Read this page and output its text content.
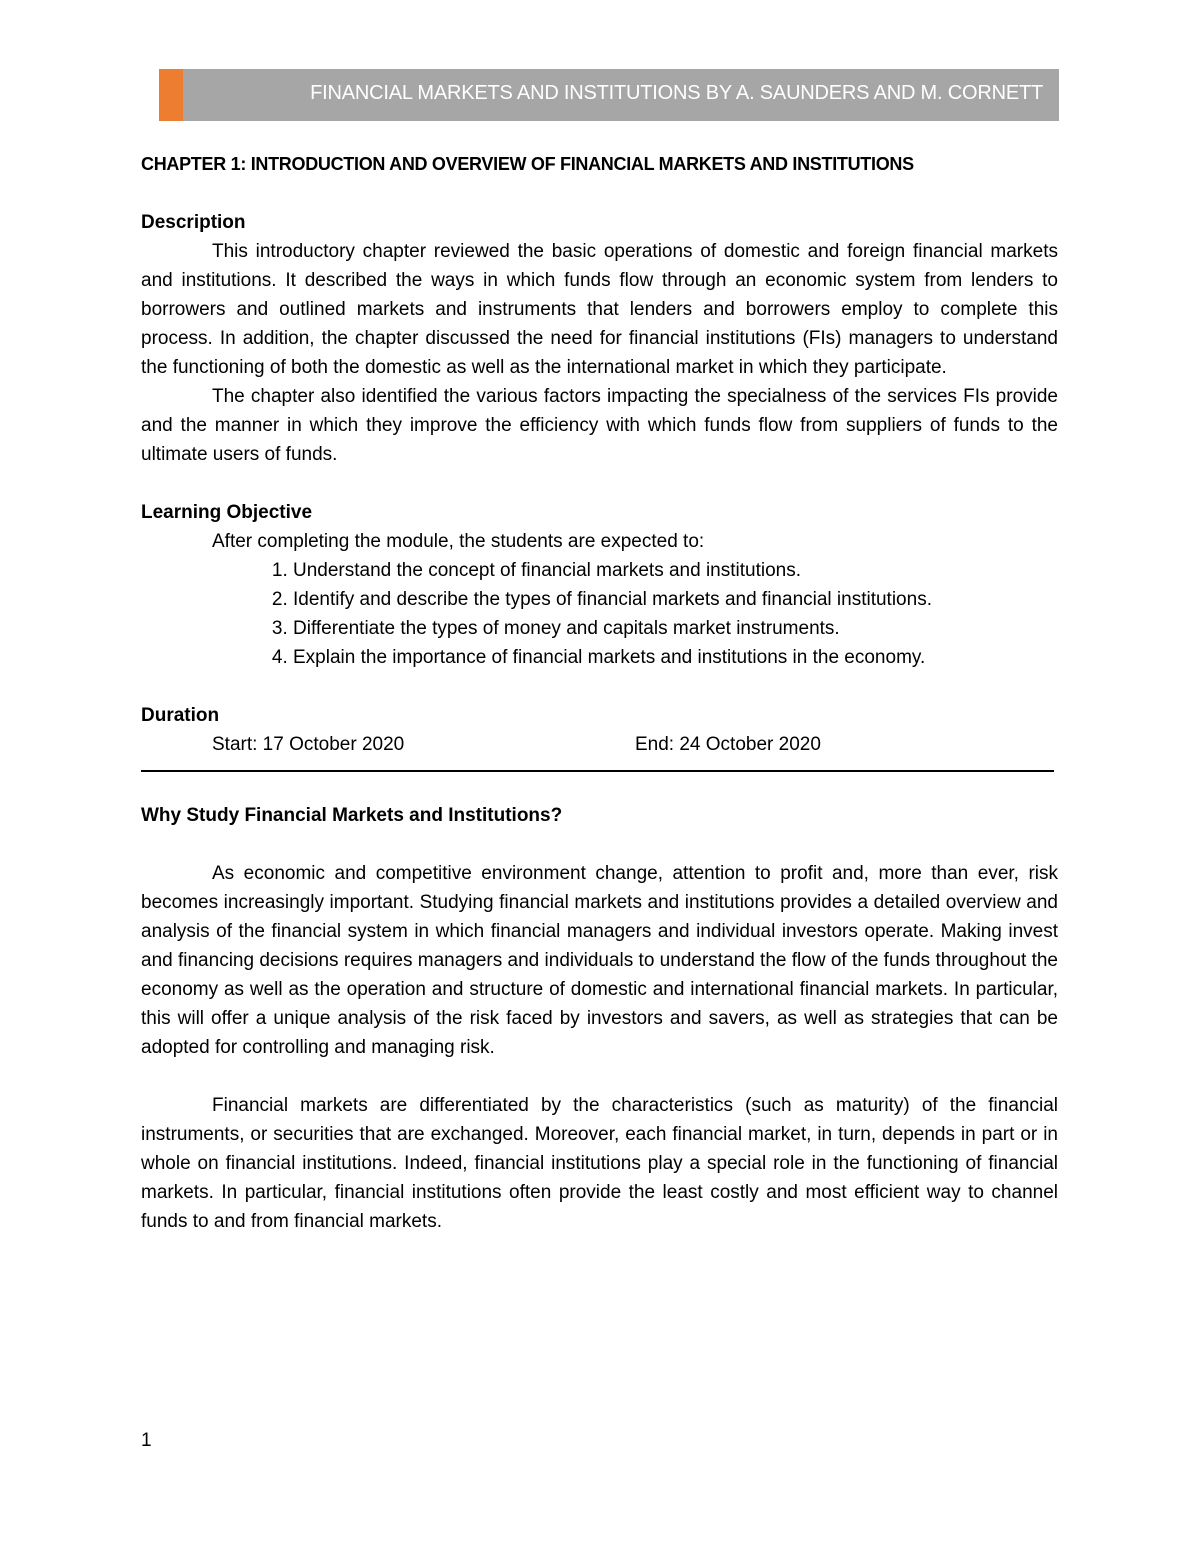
FINANCIAL MARKETS AND INSTITUTIONS BY A. SAUNDERS AND M. CORNETT
CHAPTER 1: INTRODUCTION AND OVERVIEW OF FINANCIAL MARKETS AND INSTITUTIONS
Description

This introductory chapter reviewed the basic operations of domestic and foreign financial markets and institutions. It described the ways in which funds flow through an economic system from lenders to borrowers and outlined markets and instruments that lenders and borrowers employ to complete this process. In addition, the chapter discussed the need for financial institutions (FIs) managers to understand the functioning of both the domestic as well as the international market in which they participate.

The chapter also identified the various factors impacting the specialness of the services FIs provide and the manner in which they improve the efficiency with which funds flow from suppliers of funds to the ultimate users of funds.

Learning Objective
After completing the module, the students are expected to:
1. Understand the concept of financial markets and institutions.
2. Identify and describe the types of financial markets and financial institutions.
3. Differentiate the types of money and capitals market instruments.
4. Explain the importance of financial markets and institutions in the economy.
Duration
Start: 17 October 2020	End: 24 October 2020
Why Study Financial Markets and Institutions?

As economic and competitive environment change, attention to profit and, more than ever, risk becomes increasingly important. Studying financial markets and institutions provides a detailed overview and analysis of the financial system in which financial managers and individual investors operate. Making invest and financing decisions requires managers and individuals to understand the flow of the funds throughout the economy as well as the operation and structure of domestic and international financial markets. In particular, this will offer a unique analysis of the risk faced by investors and savers, as well as strategies that can be adopted for controlling and managing risk.

Financial markets are differentiated by the characteristics (such as maturity) of the financial instruments, or securities that are exchanged. Moreover, each financial market, in turn, depends in part or in whole on financial institutions. Indeed, financial institutions play a special role in the functioning of financial markets. In particular, financial institutions often provide the least costly and most efficient way to channel funds to and from financial markets.

1
